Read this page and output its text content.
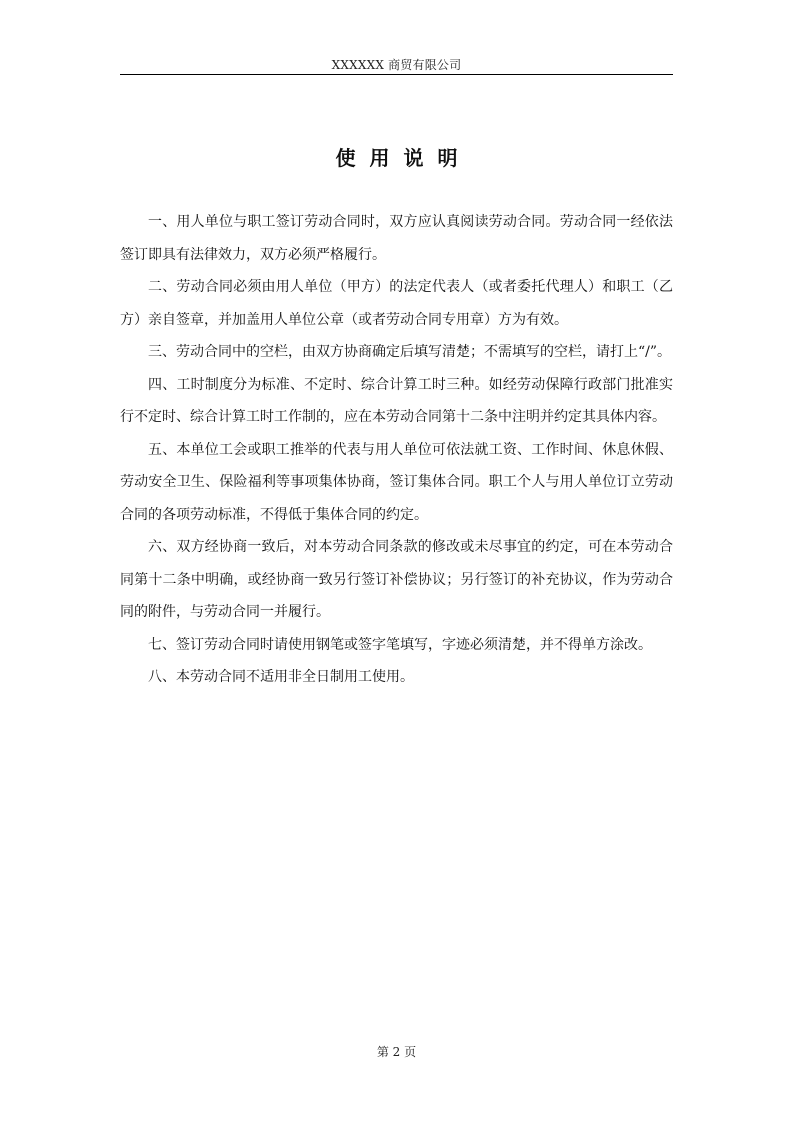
XXXXXX 商贸有限公司
使用说明

一、用人单位与职工签订劳动合同时，双方应认真阅读劳动合同。劳动合同一经依法签订即具有法律效力，双方必须严格履行。

二、劳动合同必须由用人单位（甲方）的法定代表人（或者委托代理人）和职工（乙方）亲自签章，并加盖用人单位公章（或者劳动合同专用章）方为有效。

三、劳动合同中的空栏，由双方协商确定后填写清楚；不需填写的空栏，请打上“/”。

四、工时制度分为标准、不定时、综合计算工时三种。如经劳动保障行政部门批准实行不定时、综合计算工时工作制的，应在本劳动合同第十二条中注明并约定其具体内容。

五、本单位工会或职工推举的代表与用人单位可依法就工资、工作时间、休息休假、劳动安全卫生、保险福利等事项集体协商，签订集体合同。职工个人与用人单位订立劳动合同的各项劳动标准，不得低于集体合同的约定。

六、双方经协商一致后，对本劳动合同条款的修改或未尽事宜的约定，可在本劳动合同第十二条中明确，或经协商一致另行签订补偿协议；另行签订的补充协议，作为劳动合同的附件，与劳动合同一并履行。

七、签订劳动合同时请使用钢笔或签字笔填写，字迹必须清楚，并不得单方涂改。

八、本劳动合同不适用非全日制用工使用。

第 2 页
